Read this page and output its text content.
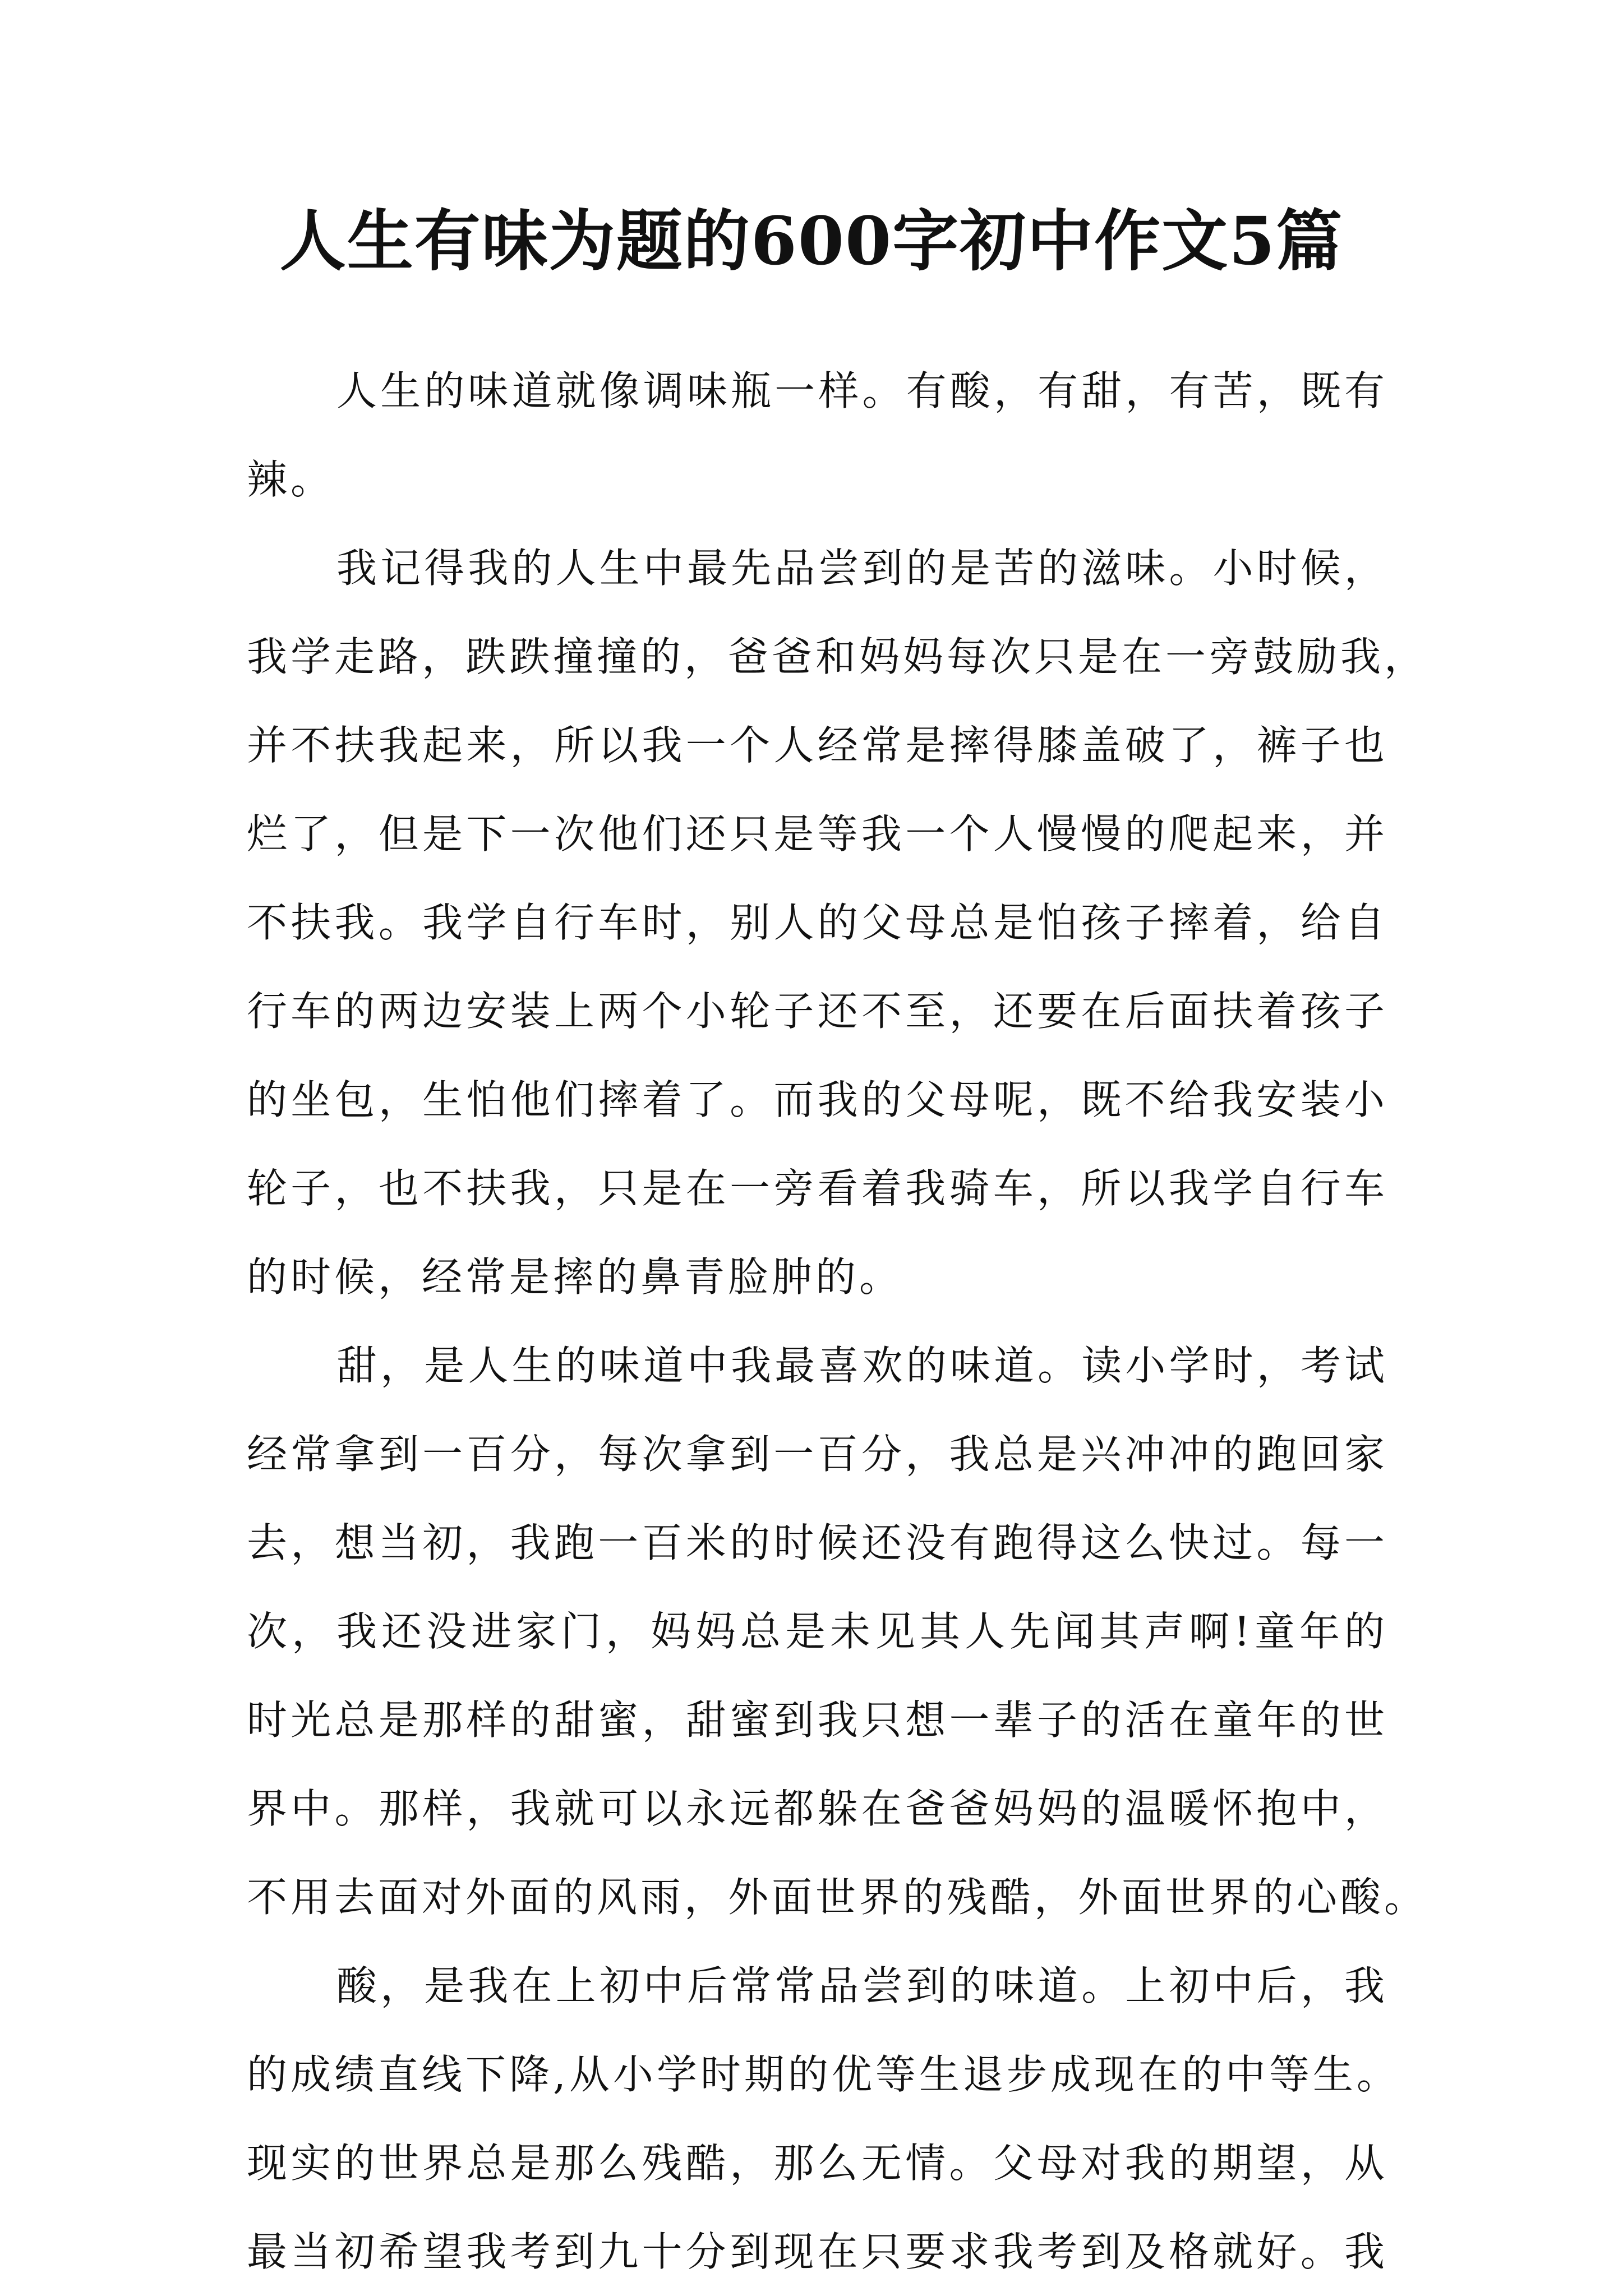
人生有味为题的600字初中作文5篇
人生的味道就像调味瓶一样。有酸，有甜，有苦，既有
辣。
我记得我的人生中最先品尝到的是苦的滋味。小时候，
我学走路，跌跌撞撞的，爸爸和妈妈每次只是在一旁鼓励我，
并不扶我起来，所以我一个人经常是摔得膝盖破了，裤子也
烂了，但是下一次他们还只是等我一个人慢慢的爬起来，并
不扶我。我学自行车时，别人的父母总是怕孩子摔着，给自
行车的两边安装上两个小轮子还不至，还要在后面扶着孩子
的坐包，生怕他们摔着了。而我的父母呢，既不给我安装小
轮子，也不扶我，只是在一旁看着我骑车，所以我学自行车
的时候，经常是摔的鼻青脸肿的。
甜，是人生的味道中我最喜欢的味道。读小学时，考试
经常拿到一百分，每次拿到一百分，我总是兴冲冲的跑回家
去，想当初，我跑一百米的时候还没有跑得这么快过。每一
次，我还没进家门，妈妈总是未见其人先闻其声啊!童年的
时光总是那样的甜蜜，甜蜜到我只想一辈子的活在童年的世
界中。那样，我就可以永远都躲在爸爸妈妈的温暖怀抱中，
不用去面对外面的风雨，外面世界的残酷，外面世界的心酸。
酸，是我在上初中后常常品尝到的味道。上初中后，我
的成绩直线下降,从小学时期的优等生退步成现在的中等生。
现实的世界总是那么残酷，那么无情。父母对我的期望，从
最当初希望我考到九十分到现在只要求我考到及格就好。我
